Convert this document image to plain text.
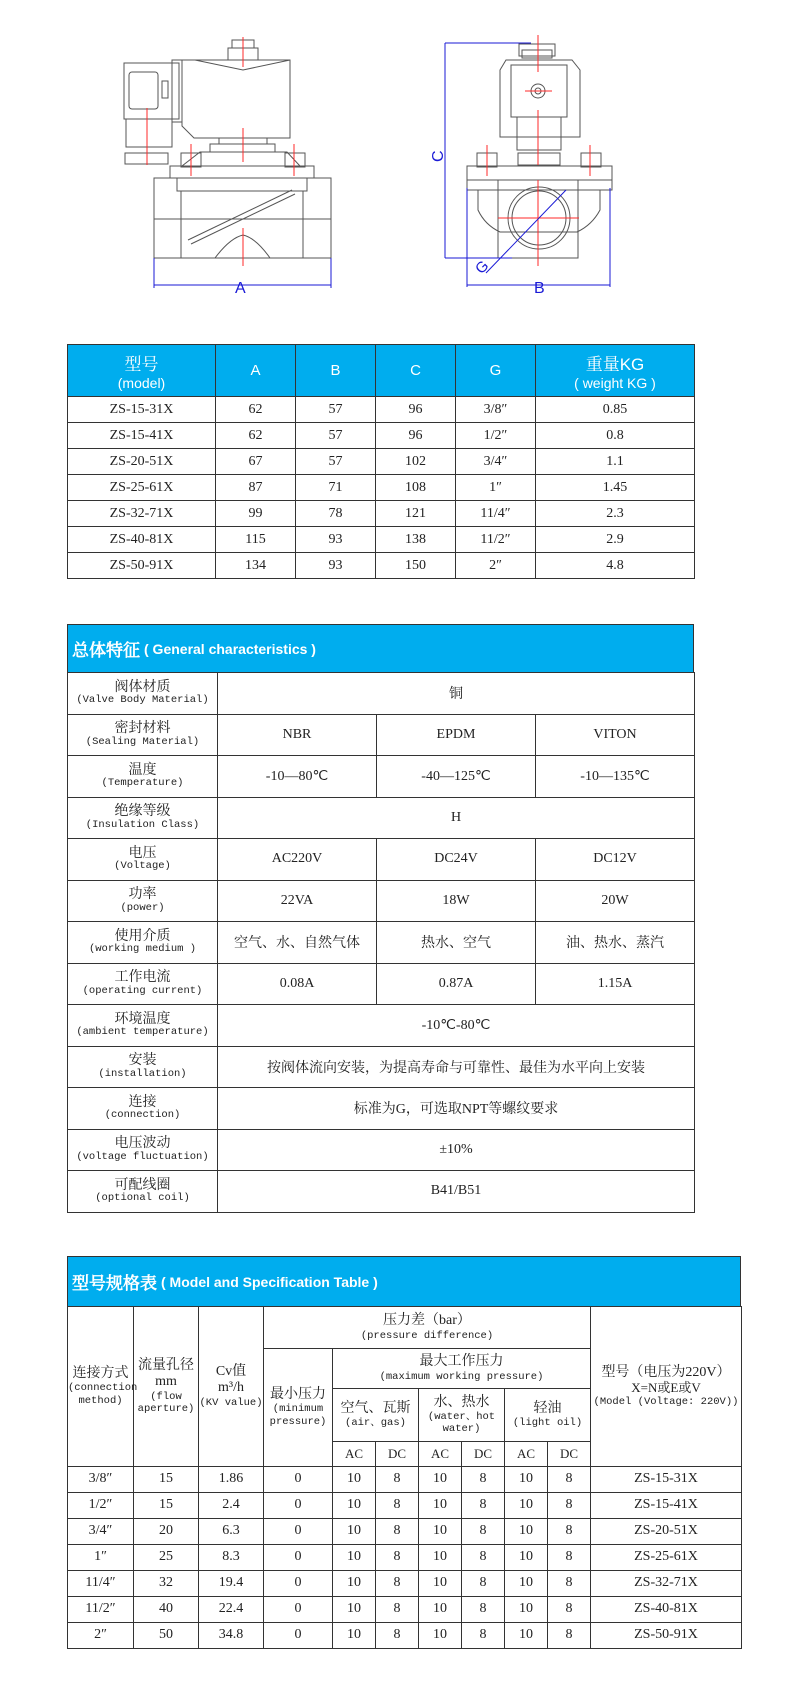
A
C
G
B
型号
(model)	A	B	C	G	重量KG
( weight KG )

ZS-15-31X	62	57	96	3/8″	0.85
ZS-15-41X	62	57	96	1/2″	0.8
ZS-20-51X	67	57	102	3/4″	1.1
ZS-25-61X	87	71	108	1″	1.45
ZS-32-71X	99	78	121	11/4″	2.3
ZS-40-81X	115	93	138	11/2″	2.9
ZS-50-91X	134	93	150	2″	4.8
总体特征 ( General characteristics )
阀体材质
(Valve Body Material)	铜		

密封材料
(Sealing Material)	NBR	EPDM	VITON

温度
(Temperature)	-10—80℃	-40—125℃	-10—135℃

绝缘等级
(Insulation Class)	H		

电压
(Voltage)	AC220V	DC24V	DC12V

功率
(power)	22VA	18W	20W

使用介质
(working medium )	空气、水、自然气体	热水、空气	油、热水、蒸汽

工作电流
(operating current)	0.08A	0.87A	1.15A

环境温度
(ambient temperature)	-10℃-80℃		

安装
(installation)	按阀体流向安装，为提高寿命与可靠性、最佳为水平向上安装		

连接
(connection)	标准为G，可选取NPT等螺纹要求		

电压波动
(voltage fluctuation)	±10%		

可配线圈
(optional coil)	B41/B51		
型号规格表 ( Model and Specification Table )
连接方式
(connection method)	流量孔径mm
(flow aperture)	Cv值
m³/h
(KV value)	压力差（bar）
(pressure difference)							型号（电压为220V）
X=N或E或V
(Model (Voltage: 220V))

			最小压力
(minimum pressure)	最大工作压力
(maximum working pressure)						

				空气、瓦斯
(air、gas)		水、热水
(water、hot water)		轻油
(light oil)		

				AC	DC	AC	DC	AC	DC	
3/8″	15	1.86	0	10	8	10	8	10	8	ZS-15-31X
1/2″	15	2.4	0	10	8	10	8	10	8	ZS-15-41X
3/4″	20	6.3	0	10	8	10	8	10	8	ZS-20-51X
1″	25	8.3	0	10	8	10	8	10	8	ZS-25-61X
11/4″	32	19.4	0	10	8	10	8	10	8	ZS-32-71X
11/2″	40	22.4	0	10	8	10	8	10	8	ZS-40-81X
2″	50	34.8	0	10	8	10	8	10	8	ZS-50-91X
